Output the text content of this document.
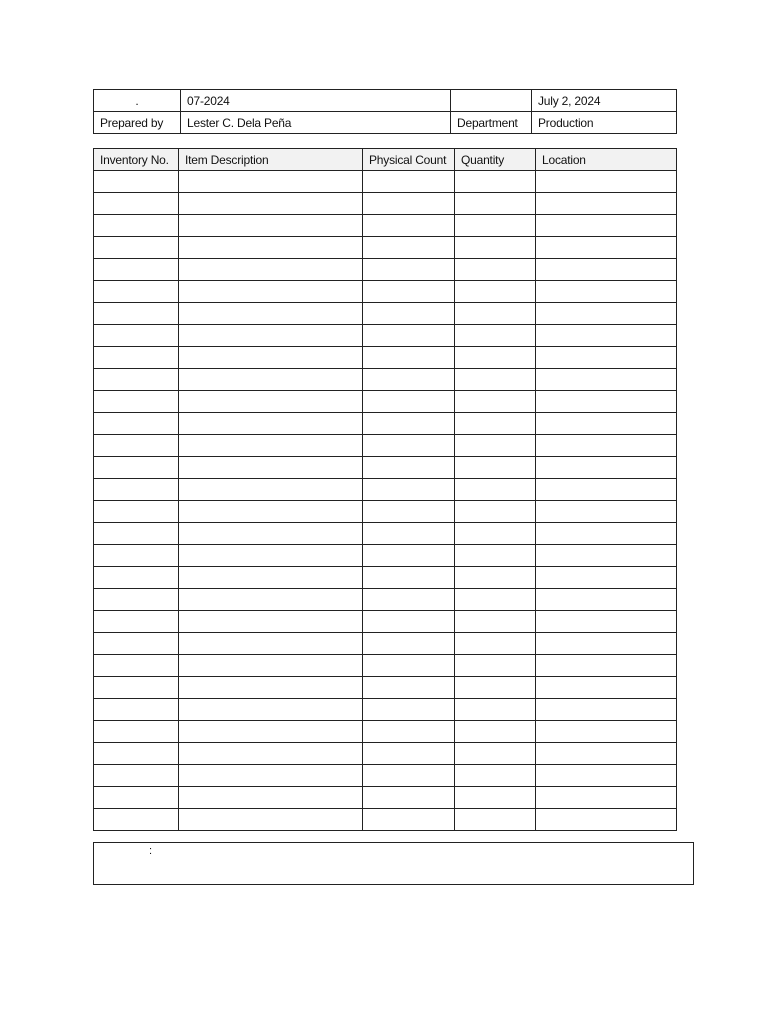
.	07-2024		July 2, 2024
Prepared by	Lester C. Dela Peña	Department	Production
Inventory No.	Item Description	Physical Count	Quantity	Location

:
